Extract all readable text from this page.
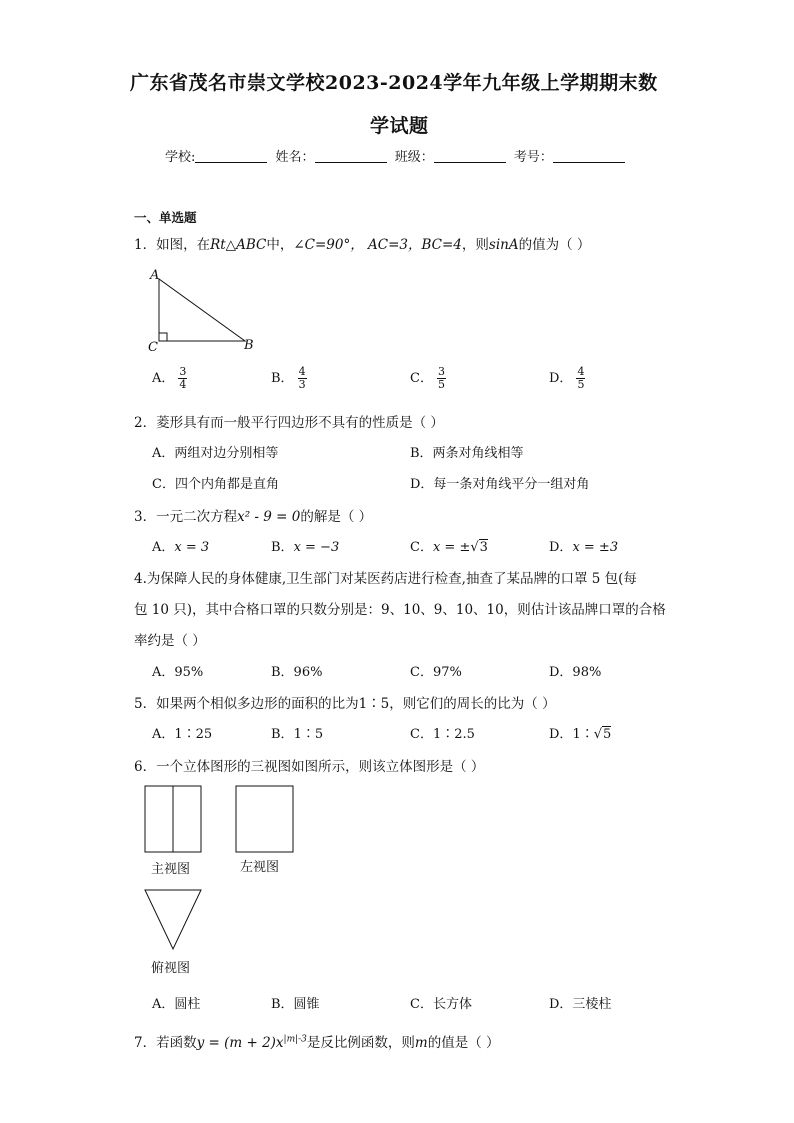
广东省茂名市崇文学校2023-2024学年九年级上学期期末数
学试题
学校:	姓名：	班级：	考号：
一、单选题
1．如图，在Rt△ABC中，∠C=90°， AC=3，BC=4，则sinA的值为（ ）
A
C	B
A． $\frac{3}{4}$	B． $\frac{4}{3}$	C． $\frac{3}{5}$	D． $\frac{4}{5}$
2．菱形具有而一般平行四边形不具有的性质是（ ）
A．两组对边分别相等	B．两条对角线相等
C．四个内角都是直角	D．每一条对角线平分一组对角
3．一元二次方程x² - 9 = 0的解是（ ）
A．x = 3	B．x = −3	C．x = ±√3	D．x = ±3
4.为保障人民的身体健康,卫生部门对某医药店进行检查,抽查了某品牌的口罩 5 包(每
包 10 只)，其中合格口罩的只数分别是：9、10、9、10、10，则估计该品牌口罩的合格
率约是（ ）
A．95%	B．96%	C．97%	D．98%
5．如果两个相似多边形的面积的比为1∶5，则它们的周长的比为（ ）
A．1∶25	B．1∶5	C．1∶2.5	D．1∶√5
6．一个立体图形的三视图如图所示，则该立体图形是（ ）
主视图	左视图
俯视图
A．圆柱	B．圆锥	C．长方体	D．三棱柱
7．若函数$y = (m + 2)x^{|m|-3}$是反比例函数，则m的值是（ ）
